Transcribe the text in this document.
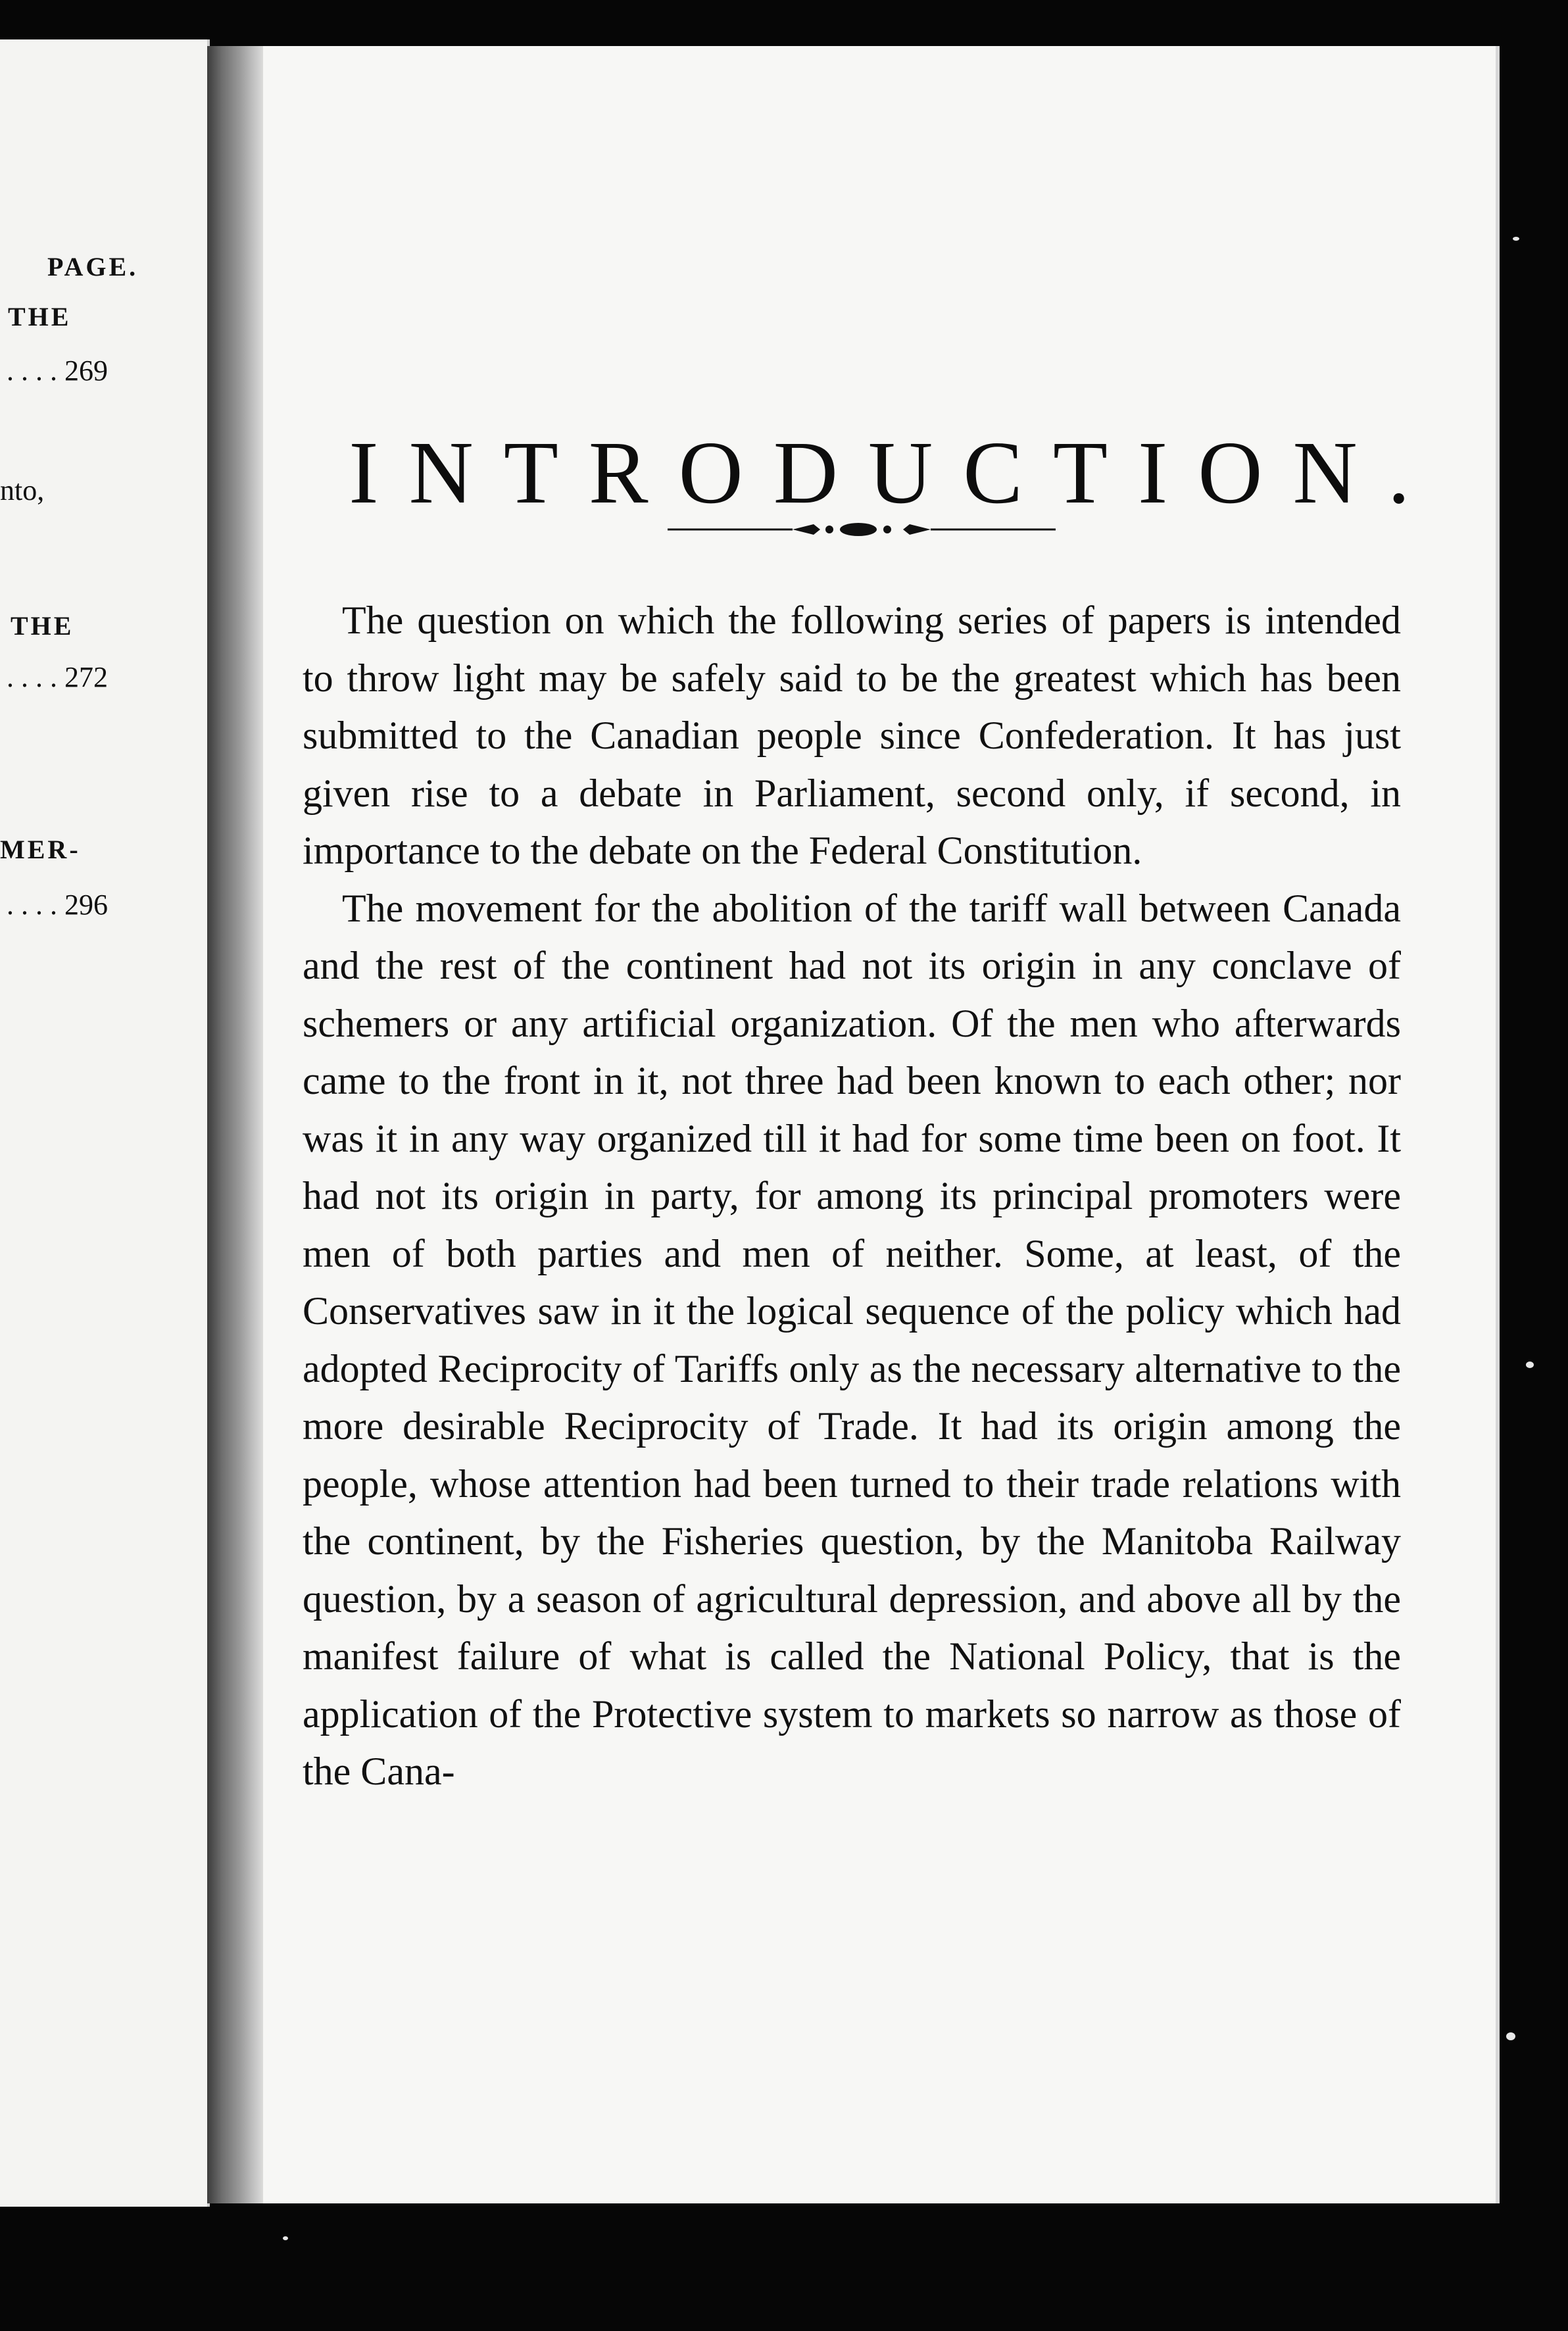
PAGE.
THE
. . . . 269
nto,
THE
. . . . 272
MER-
. . . . 296
INTRODUCTION.

The question on which the following series of papers is intended to throw light may be safely said to be the greatest which has been submitted to the Canadian people since Confederation. It has just given rise to a debate in Parliament, second only, if second, in importance to the debate on the Federal Constitution.

The movement for the abolition of the tariff wall between Canada and the rest of the continent had not its origin in any conclave of schemers or any artificial organization. Of the men who afterwards came to the front in it, not three had been known to each other; nor was it in any way organized till it had for some time been on foot. It had not its origin in party, for among its principal promoters were men of both parties and men of neither. Some, at least, of the Conservatives saw in it the logical sequence of the policy which had adopted Reciprocity of Tariffs only as the necessary alternative to the more desirable Reciprocity of Trade. It had its origin among the people, whose attention had been turned to their trade relations with the continent, by the Fisheries question, by the Manitoba Railway question, by a season of agricultural depression, and above all by the manifest failure of what is called the National Policy, that is the application of the Protective system to markets so narrow as those of the Cana-
